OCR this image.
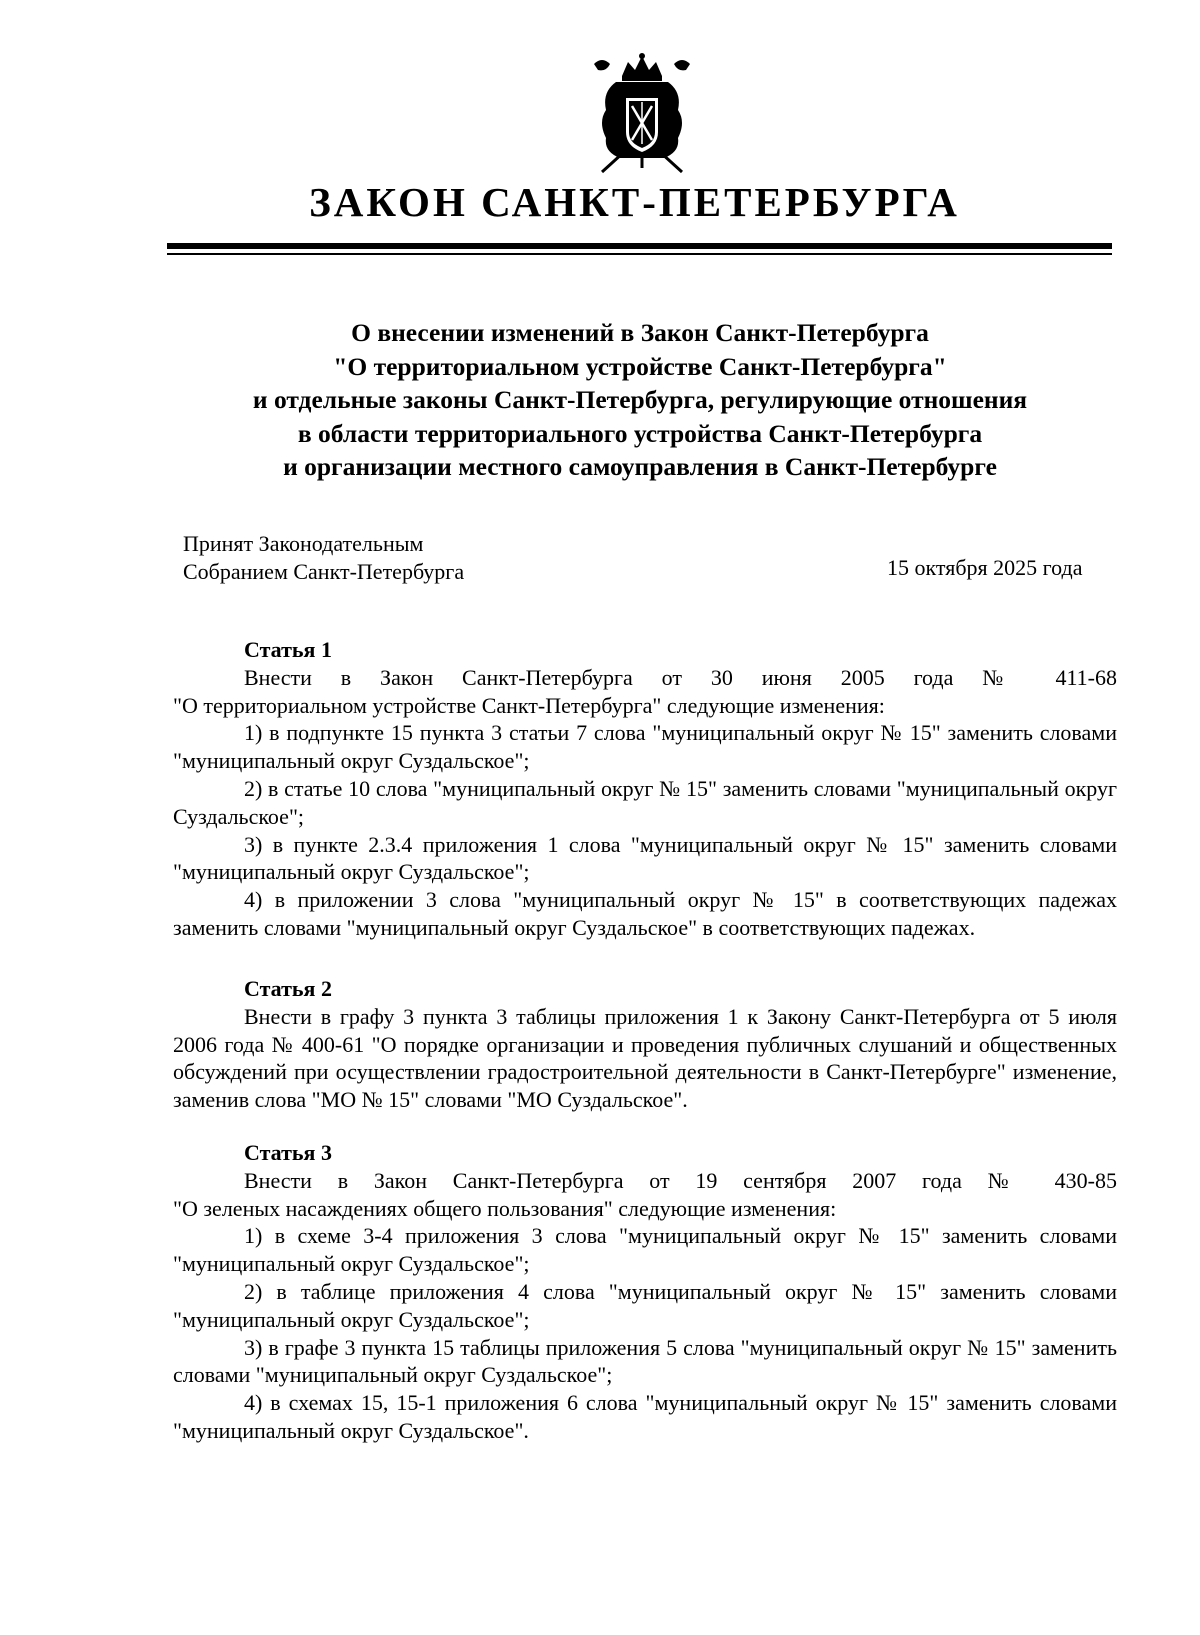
ЗАКОН САНКТ-ПЕТЕРБУРГА
О внесении изменений в Закон Санкт-Петербурга
"О территориальном устройстве Санкт-Петербурга"
и отдельные законы Санкт-Петербурга, регулирующие отношения
в области территориального устройства Санкт-Петербурга
и организации местного самоуправления в Санкт-Петербурге
Принят Законодательным
Собранием Санкт-Петербурга	15 октября 2025 года
Статья 1
Внести в Закон Санкт-Петербурга от 30 июня 2005 года № 411-68
"О территориальном устройстве Санкт-Петербурга" следующие изменения:
1) в подпункте 15 пункта 3 статьи 7 слова "муниципальный округ № 15" заменить словами "муниципальный округ Суздальское";
2) в статье 10 слова "муниципальный округ № 15" заменить словами "муниципальный округ Суздальское";
3) в пункте 2.3.4 приложения 1 слова "муниципальный округ № 15" заменить словами "муниципальный округ Суздальское";
4) в приложении 3 слова "муниципальный округ № 15" в соответствующих падежах заменить словами "муниципальный округ Суздальское" в соответствующих падежах.
Статья 2
Внести в графу 3 пункта 3 таблицы приложения 1 к Закону Санкт-Петербурга от 5 июля 2006 года № 400-61 "О порядке организации и проведения публичных слушаний и общественных обсуждений при осуществлении градостроительной деятельности в Санкт-Петербурге" изменение, заменив слова "МО № 15" словами "МО Суздальское".
Статья 3
Внести в Закон Санкт-Петербурга от 19 сентября 2007 года № 430-85
"О зеленых насаждениях общего пользования" следующие изменения:
1) в схеме 3-4 приложения 3 слова "муниципальный округ № 15" заменить словами "муниципальный округ Суздальское";
2) в таблице приложения 4 слова "муниципальный округ № 15" заменить словами "муниципальный округ Суздальское";
3) в графе 3 пункта 15 таблицы приложения 5 слова "муниципальный округ № 15" заменить словами "муниципальный округ Суздальское";
4) в схемах 15, 15-1 приложения 6 слова "муниципальный округ № 15" заменить словами "муниципальный округ Суздальское".
